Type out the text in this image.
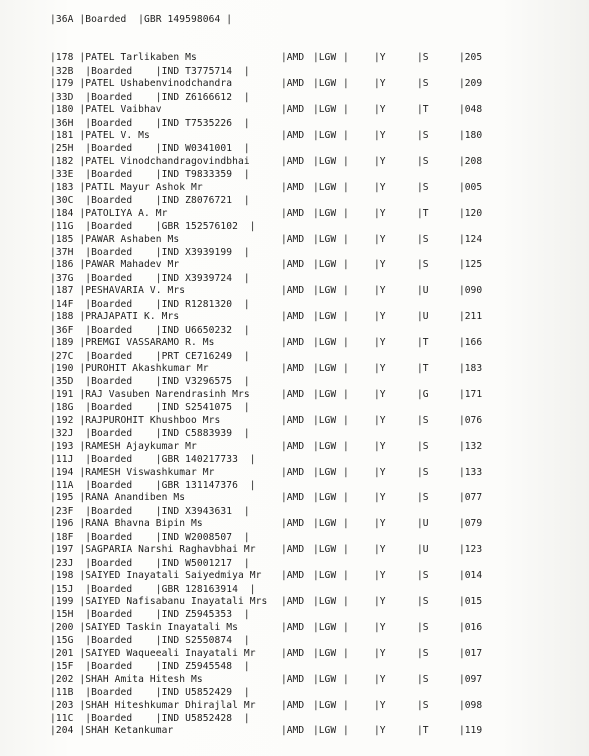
|36A |Boarded  |GBR 149598064 |
|178 |PATEL Tarlikaben Ms	|AMD |LGW |	|Y	|S	|205
|32B  |Boarded    |IND T3775714  |
|179 |PATEL Ushabenvinodchandra	|AMD |LGW |	|Y	|S	|209
|33D  |Boarded    |IND Z6166612  |
|180 |PATEL Vaibhav	|AMD |LGW |	|Y	|T	|048
|36H  |Boarded    |IND T7535226  |
|181 |PATEL V. Ms	|AMD |LGW |	|Y	|S	|180
|25H  |Boarded    |IND W0341001  |
|182 |PATEL Vinodchandragovindbhai	|AMD |LGW |	|Y	|S	|208
|33E  |Boarded    |IND T9833359  |
|183 |PATIL Mayur Ashok Mr	|AMD |LGW |	|Y	|S	|005
|30C  |Boarded    |IND Z8076721  |
|184 |PATOLIYA A. Mr	|AMD |LGW |	|Y	|T	|120
|11G  |Boarded    |GBR 152576102  |
|185 |PAWAR Ashaben Ms	|AMD |LGW |	|Y	|S	|124
|37H  |Boarded    |IND X3939199  |
|186 |PAWAR Mahadev Mr	|AMD |LGW |	|Y	|S	|125
|37G  |Boarded    |IND X3939724  |
|187 |PESHAVARIA V. Mrs	|AMD |LGW |	|Y	|U	|090
|14F  |Boarded    |IND R1281320  |
|188 |PRAJAPATI K. Mrs	|AMD |LGW |	|Y	|U	|211
|36F  |Boarded    |IND U6650232  |
|189 |PREMGI VASSARAMO R. Ms	|AMD |LGW |	|Y	|T	|166
|27C  |Boarded    |PRT CE716249  |
|190 |PUROHIT Akashkumar Mr	|AMD |LGW |	|Y	|T	|183
|35D  |Boarded    |IND V3296575  |
|191 |RAJ Vasuben Narendrasinh Mrs	|AMD |LGW |	|Y	|G	|171
|18G  |Boarded    |IND S2541075  |
|192 |RAJPUROHIT Khushboo Mrs	|AMD |LGW |	|Y	|S	|076
|32J  |Boarded    |IND C5883939  |
|193 |RAMESH Ajaykumar Mr	|AMD |LGW |	|Y	|S	|132
|11J  |Boarded    |GBR 140217733  |
|194 |RAMESH Viswashkumar Mr	|AMD |LGW |	|Y	|S	|133
|11A  |Boarded    |GBR 131147376  |
|195 |RANA Anandiben Ms	|AMD |LGW |	|Y	|S	|077
|23F  |Boarded    |IND X3943631  |
|196 |RANA Bhavna Bipin Ms	|AMD |LGW |	|Y	|U	|079
|18F  |Boarded    |IND W2008507  |
|197 |SAGPARIA Narshi Raghavbhai Mr	|AMD |LGW |	|Y	|U	|123
|23J  |Boarded    |IND W5001217  |
|198 |SAIYED Inayatali Saiyedmiya Mr |AMD |LGW |	|Y	|S	|014
|15J  |Boarded    |GBR 128163914  |
|199 |SAIYED Nafisabanu Inayatali Mrs |AMD |LGW |	|Y	|S	|015
|15H  |Boarded    |IND Z5945353  |
|200 |SAIYED Taskin Inayatali Ms	|AMD |LGW |	|Y	|S	|016
|15G  |Boarded    |IND S2550874  |
|201 |SAIYED Waqueeali Inayatali Mr	|AMD |LGW |	|Y	|S	|017
|15F  |Boarded    |IND Z5945548  |
|202 |SHAH Amita Hitesh Ms	|AMD |LGW |	|Y	|S	|097
|11B  |Boarded    |IND U5852429  |
|203 |SHAH Hiteshkumar Dhirajlal Mr	|AMD |LGW |	|Y	|S	|098
|11C  |Boarded    |IND U5852428  |
|204 |SHAH Ketankumar	|AMD |LGW |	|Y	|T	|119
